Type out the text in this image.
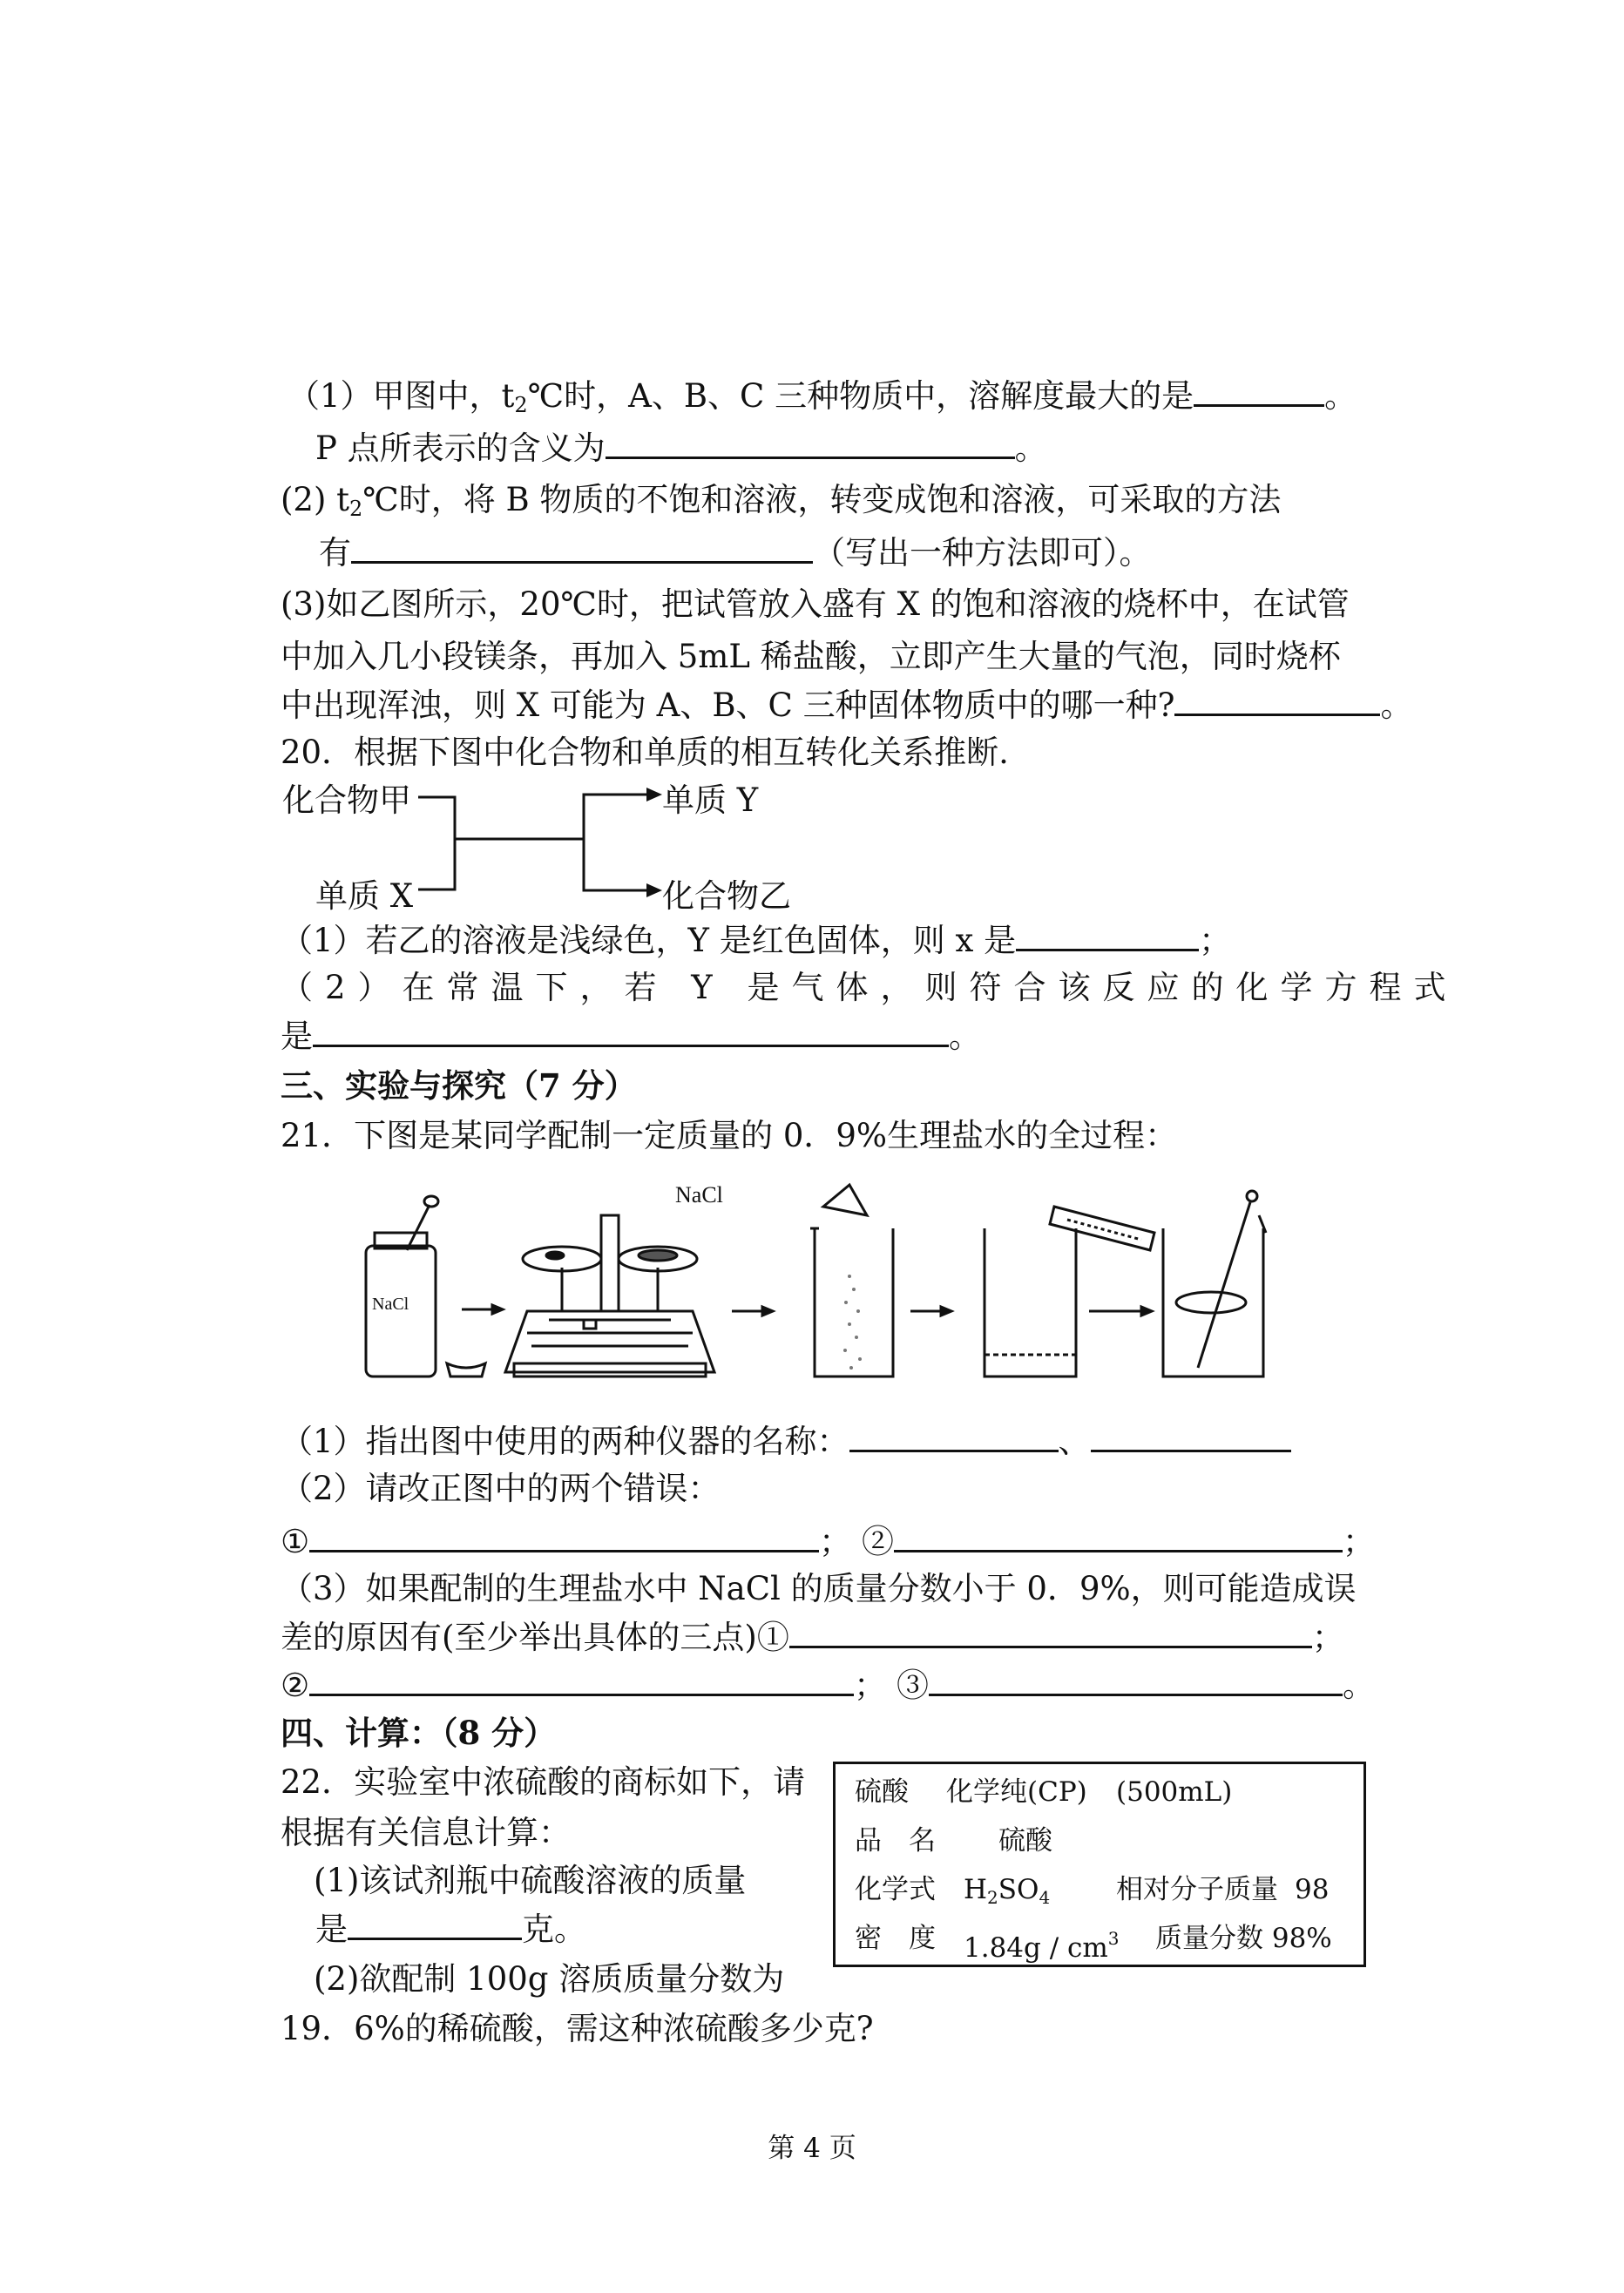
（1）甲图中，$t_2℃$时，A、B、C 三种物质中，溶解度最大的是	。
P 点所表示的含义为	。
(2) $t_2℃$时，将 B 物质的不饱和溶液，转变成饱和溶液，可采取的方法
有	（写出一种方法即可）。
(3)如乙图所示，20℃时，把试管放入盛有 X 的饱和溶液的烧杯中，在试管
中加入几小段镁条，再加入 5mL 稀盐酸，立即产生大量的气泡，同时烧杯
中出现浑浊，则 X 可能为 A、B、C 三种固体物质中的哪一种?	。
20．根据下图中化合物和单质的相互转化关系推断.
化合物甲
单质 X
单质 Y
化合物乙
（1）若乙的溶液是浅绿色，Y 是红色固体，则 x 是	；
（2）在常温下，若 Y 是气体，则符合该反应的化学方程式
是	。
三、实验与探究（7 分）
21．下图是某同学配制一定质量的 0．9%生理盐水的全过程：
NaCl
NaCl
（1）指出图中使用的两种仪器的名称：	、
（2）请改正图中的两个错误：
①	； ②	；
（3）如果配制的生理盐水中 NaCl 的质量分数小于 0．9%，则可能造成误
差的原因有(至少举出具体的三点)①	；
②	； ③	。
四、计算：（8 分）
22．实验室中浓硫酸的商标如下，请
根据有关信息计算：
(1)该试剂瓶中硫酸溶液的质量
是	克。
(2)欲配制 100g 溶质质量分数为
19．6%的稀硫酸，需这种浓硫酸多少克?
硫酸 化学纯(CP) (500mL)
品　名 硫酸
化学式 $H_2SO_4$ 相对分子质量 98
密　度 $1.84g / cm^3$ 质量分数 98%
第 4 页
